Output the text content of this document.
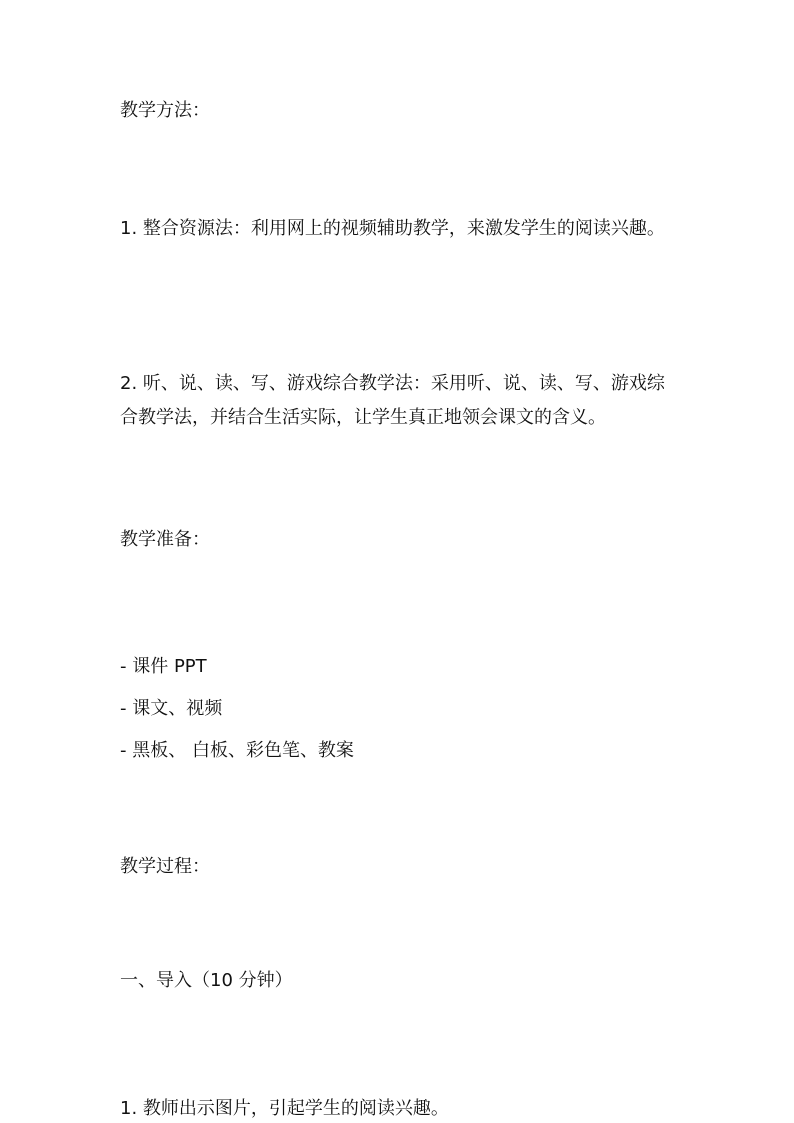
教学方法：
1. 整合资源法：利用网上的视频辅助教学，来激发学生的阅读兴趣。
2. 听、说、读、写、游戏综合教学法：采用听、说、读、写、游戏综合教学法，并结合生活实际，让学生真正地领会课文的含义。
教学准备：
- 课件 PPT
- 课文、视频
- 黑板、 白板、彩色笔、教案
教学过程：
一、导入（10 分钟）
1. 教师出示图片，引起学生的阅读兴趣。
